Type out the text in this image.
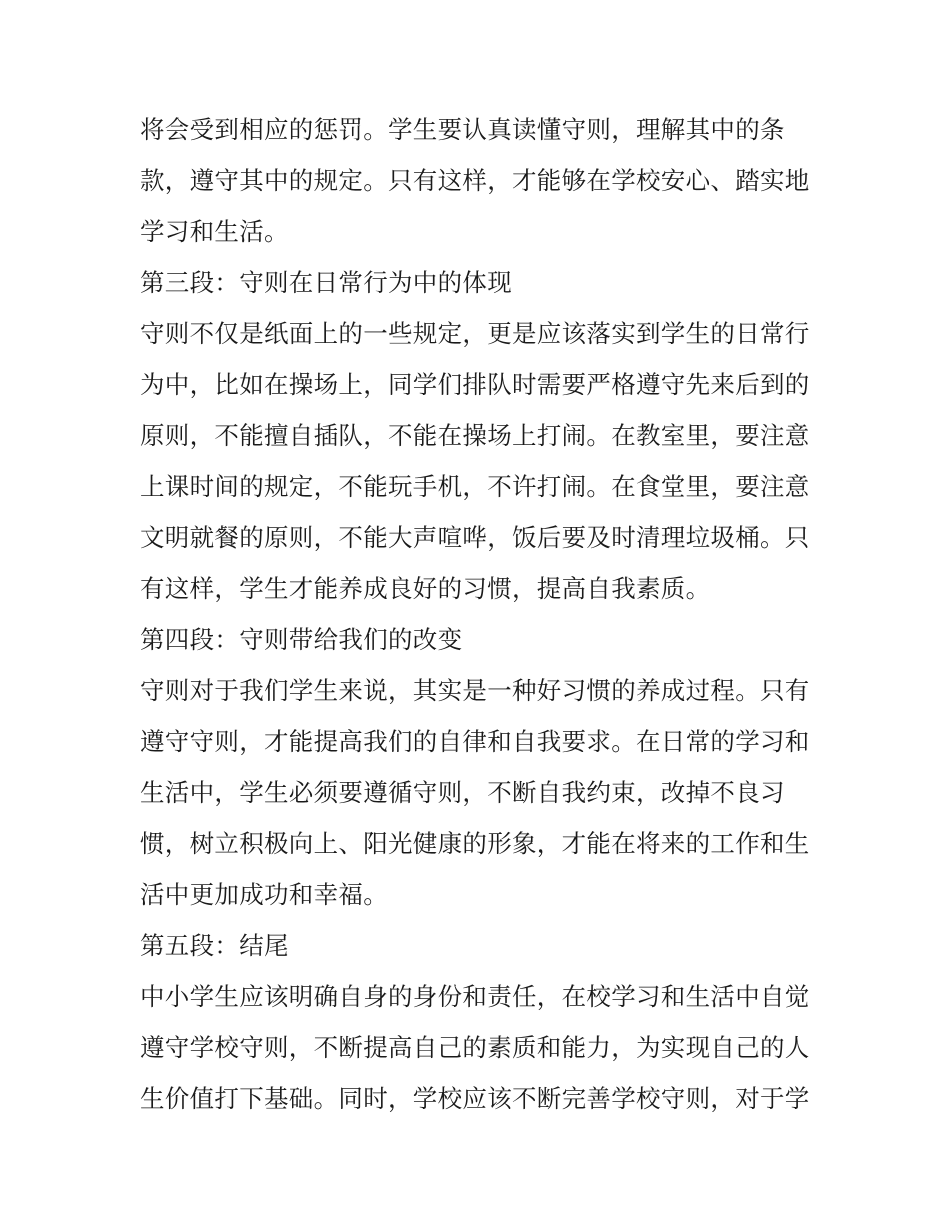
将会受到相应的惩罚。学生要认真读懂守则，理解其中的条
款，遵守其中的规定。只有这样，才能够在学校安心、踏实地
学习和生活。
第三段：守则在日常行为中的体现
守则不仅是纸面上的一些规定，更是应该落实到学生的日常行
为中，比如在操场上，同学们排队时需要严格遵守先来后到的
原则，不能擅自插队，不能在操场上打闹。在教室里，要注意
上课时间的规定，不能玩手机，不许打闹。在食堂里，要注意
文明就餐的原则，不能大声喧哗，饭后要及时清理垃圾桶。只
有这样，学生才能养成良好的习惯，提高自我素质。
第四段：守则带给我们的改变
守则对于我们学生来说，其实是一种好习惯的养成过程。只有
遵守守则，才能提高我们的自律和自我要求。在日常的学习和
生活中，学生必须要遵循守则，不断自我约束，改掉不良习
惯，树立积极向上、阳光健康的形象，才能在将来的工作和生
活中更加成功和幸福。
第五段：结尾
中小学生应该明确自身的身份和责任，在校学习和生活中自觉
遵守学校守则，不断提高自己的素质和能力，为实现自己的人
生价值打下基础。同时，学校应该不断完善学校守则，对于学
